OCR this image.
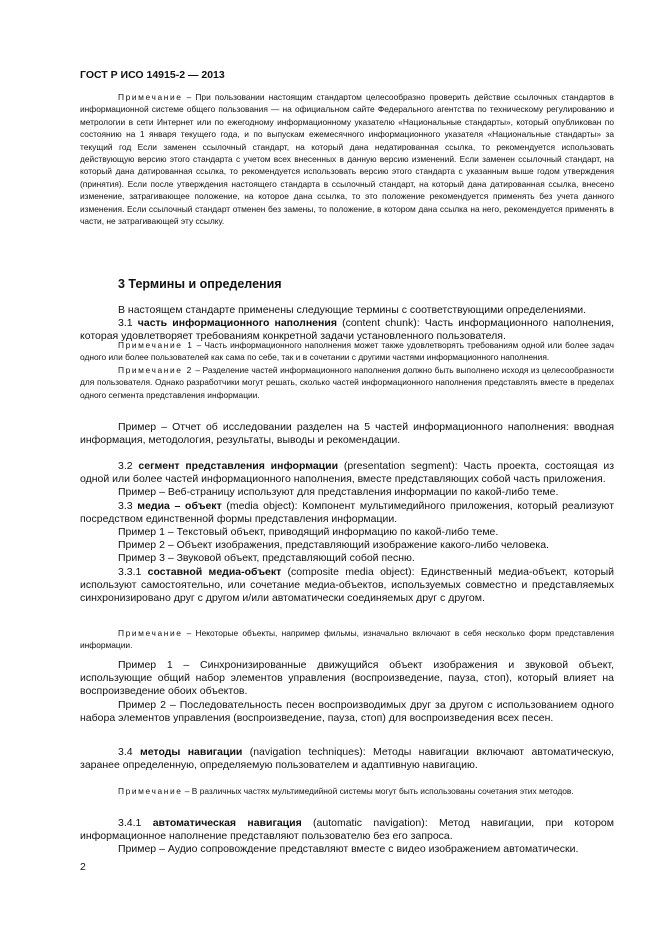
ГОСТ Р ИСО 14915-2 — 2013

Примечание – При пользовании настоящим стандартом целесообразно проверить действие ссылочных стандартов в информационной системе общего пользования — на официальном сайте Федерального агентства по техническому регулированию и метрологии в сети Интернет или по ежегодному информационному указателю «Национальные стандарты», который опубликован по состоянию на 1 января текущего года, и по выпускам ежемесячного информационного указателя «Национальные стандарты» за текущий год Если заменен ссылочный стандарт, на который дана недатированная ссылка, то рекомендуется использовать действующую версию этого стандарта с учетом всех внесенных в данную версию изменений. Если заменен ссылочный стандарт, на который дана датированная ссылка, то рекомендуется использовать версию этого стандарта с указанным выше годом утверждения (принятия). Если после утверждения настоящего стандарта в ссылочный стандарт, на который дана датированная ссылка, внесено изменение, затрагивающее положение, на которое дана ссылка, то это положение рекомендуется применять без учета данного изменения. Если ссылочный стандарт отменен без замены, то положение, в котором дана ссылка на него, рекомендуется применять в части, не затрагивающей эту ссылку.

3 Термины и определения

В настоящем стандарте применены следующие термины с соответствующими определениями.

3.1 часть информационного наполнения (content chunk): Часть информационного наполнения, которая удовлетворяет требованиям конкретной задачи установленного пользователя.

Примечание 1 – Часть информационного наполнения может также удовлетворять требованиям одной или более задач одного или более пользователей как сама по себе, так и в сочетании с другими частями информационного наполнения.

Примечание 2 – Разделение частей информационного наполнения должно быть выполнено исходя из целесообразности для пользователя. Однако разработчики могут решать, сколько частей информационного наполнения представлять вместе в пределах одного сегмента представления информации.

Пример – Отчет об исследовании разделен на 5 частей информационного наполнения: вводная информация, методология, результаты, выводы и рекомендации.

3.2 сегмент представления информации (presentation segment): Часть проекта, состоящая из одной или более частей информационного наполнения, вместе представляющих собой часть приложения.

Пример – Веб-страницу используют для представления информации по какой-либо теме.

3.3 медиа – объект (media object): Компонент мультимедийного приложения, который реализуют посредством единственной формы представления информации.

Пример 1 – Текстовый объект, приводящий информацию по какой-либо теме.

Пример 2 – Объект изображения, представляющий изображение какого-либо человека.

Пример 3 – Звуковой объект, представляющий собой песню.

3.3.1 составной медиа-объект (composite media object): Единственный медиа-объект, который используют самостоятельно, или сочетание медиа-объектов, используемых совместно и представляемых синхронизировано друг с другом и/или автоматически соединяемых друг с другом.

Примечание – Некоторые объекты, например фильмы, изначально включают в себя несколько форм представления информации.

Пример 1 – Синхронизированные движущийся объект изображения и звуковой объект, использующие общий набор элементов управления (воспроизведение, пауза, стоп), который влияет на воспроизведение обоих объектов.

Пример 2 – Последовательность песен воспроизводимых друг за другом с использованием одного набора элементов управления (воспроизведение, пауза, стоп) для воспроизведения всех песен.

3.4 методы навигации (navigation techniques): Методы навигации включают автоматическую, заранее определенную, определяемую пользователем и адаптивную навигацию.

Примечание – В различных частях мультимедийной системы могут быть использованы сочетания этих методов.

3.4.1 автоматическая навигация (automatic navigation): Метод навигации, при котором информационное наполнение представляют пользователю без его запроса.

Пример – Аудио сопровождение представляют вместе с видео изображением автоматически.

2
